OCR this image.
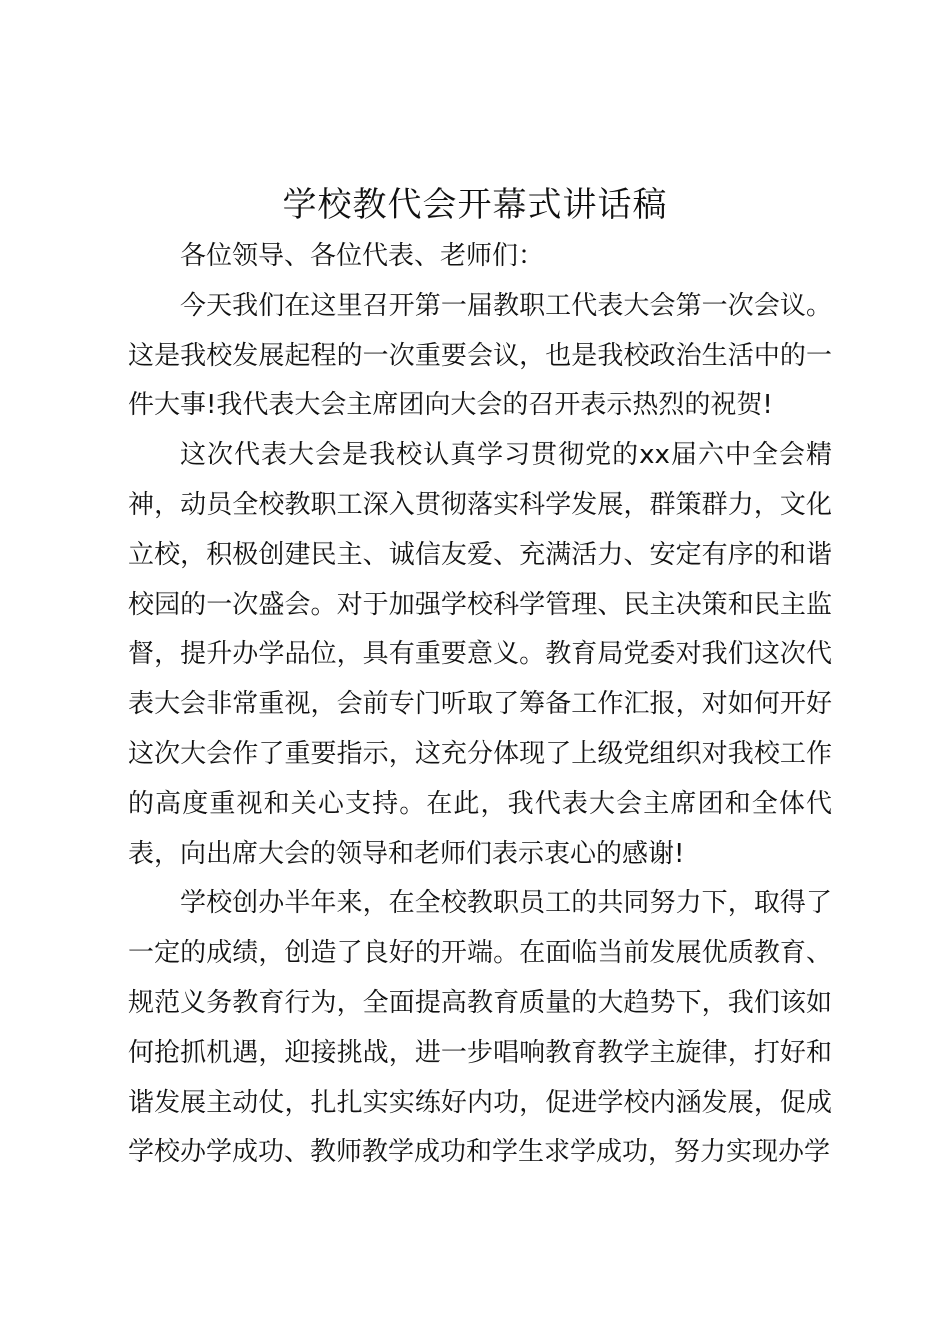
学校教代会开幕式讲话稿

各位领导、各位代表、老师们：

今天我们在这里召开第一届教职工代表大会第一次会议。这是我校发展起程的一次重要会议，也是我校政治生活中的一件大事!我代表大会主席团向大会的召开表示热烈的祝贺!

这次代表大会是我校认真学习贯彻党的xx届六中全会精神，动员全校教职工深入贯彻落实科学发展，群策群力，文化立校，积极创建民主、诚信友爱、充满活力、安定有序的和谐校园的一次盛会。对于加强学校科学管理、民主决策和民主监督，提升办学品位，具有重要意义。教育局党委对我们这次代表大会非常重视，会前专门听取了筹备工作汇报，对如何开好这次大会作了重要指示，这充分体现了上级党组织对我校工作的高度重视和关心支持。在此，我代表大会主席团和全体代表，向出席大会的领导和老师们表示衷心的感谢!

学校创办半年来，在全校教职员工的共同努力下，取得了一定的成绩，创造了良好的开端。在面临当前发展优质教育、规范义务教育行为，全面提高教育质量的大趋势下，我们该如何抢抓机遇，迎接挑战，进一步唱响教育教学主旋律，打好和谐发展主动仗，扎扎实实练好内功，促进学校内涵发展，促成学校办学成功、教师教学成功和学生求学成功，努力实现办学
